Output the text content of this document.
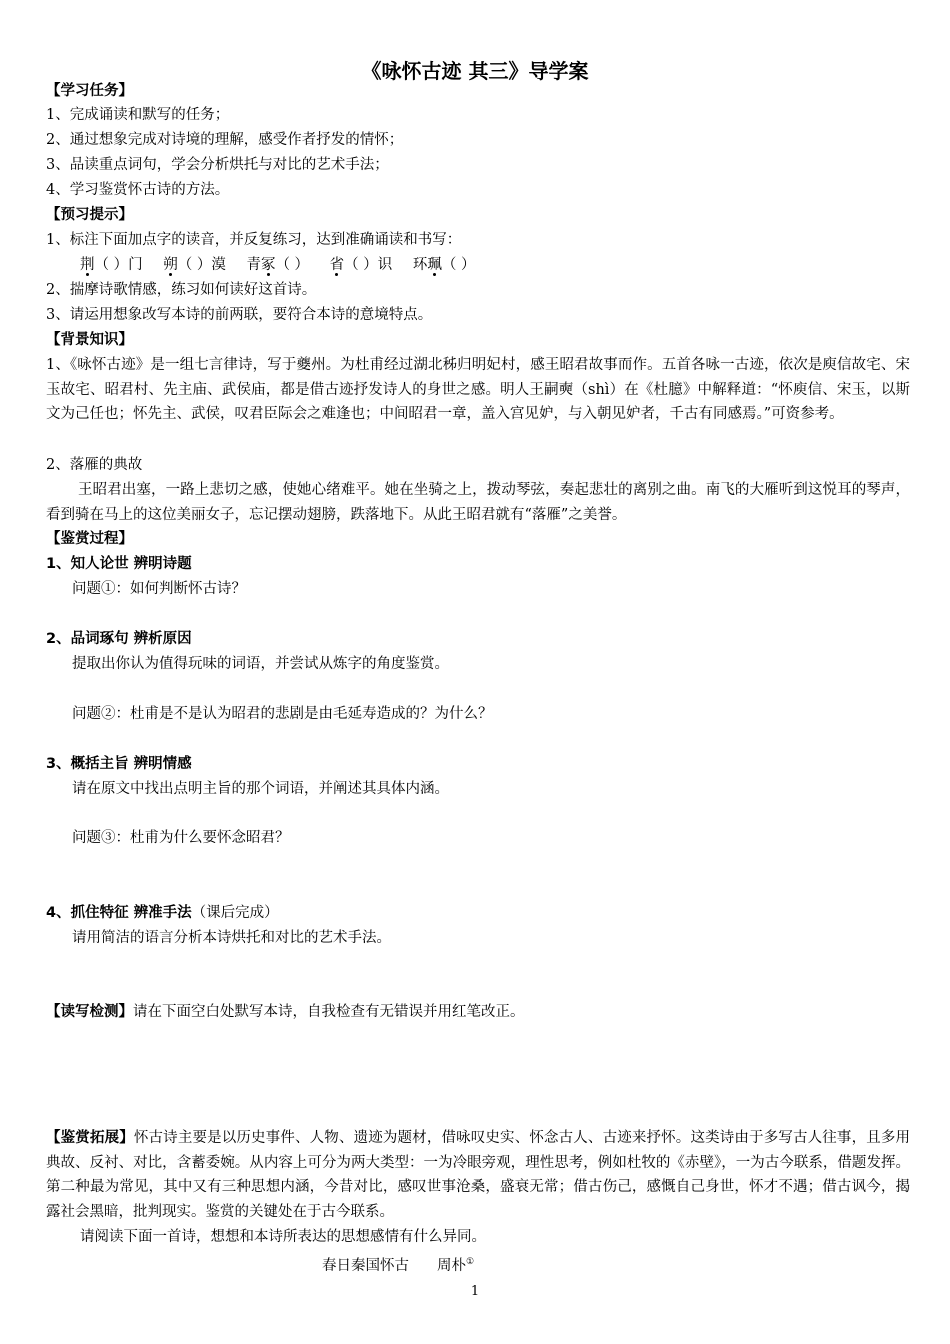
《咏怀古迹 其三》导学案
【学习任务】
1、完成诵读和默写的任务；
2、通过想象完成对诗境的理解，感受作者抒发的情怀；
3、品读重点词句，学会分析烘托与对比的艺术手法；
4、学习鉴赏怀古诗的方法。
【预习提示】
1、标注下面加点字的读音，并反复练习，达到准确诵读和书写：
荆（ ）门 朔（ ）漠 青冢（ ） 省（ ）识 环珮（ ）
2、揣摩诗歌情感，练习如何读好这首诗。
3、请运用想象改写本诗的前两联，要符合本诗的意境特点。
【背景知识】
1、《咏怀古迹》是一组七言律诗，写于夔州。为杜甫经过湖北秭归明妃村，感王昭君故事而作。五首各咏一古迹，依次是庾信故宅、宋玉故宅、昭君村、先主庙、武侯庙，都是借古迹抒发诗人的身世之感。明人王嗣奭（shì）在《杜臆》中解释道：“怀庾信、宋玉，以斯文为己任也；怀先主、武侯，叹君臣际会之难逢也；中间昭君一章，盖入宫见妒，与入朝见妒者，千古有同感焉。”可资参考。
2、落雁的典故
王昭君出塞，一路上悲切之感，使她心绪难平。她在坐骑之上，拨动琴弦，奏起悲壮的离别之曲。南飞的大雁听到这悦耳的琴声，看到骑在马上的这位美丽女子，忘记摆动翅膀，跌落地下。从此王昭君就有“落雁”之美誉。
【鉴赏过程】
1、知人论世 辨明诗题
问题①：如何判断怀古诗？
2、品词琢句 辨析原因
提取出你认为值得玩味的词语，并尝试从炼字的角度鉴赏。
问题②：杜甫是不是认为昭君的悲剧是由毛延寿造成的？为什么？
3、概括主旨 辨明情感
请在原文中找出点明主旨的那个词语，并阐述其具体内涵。
问题③：杜甫为什么要怀念昭君？
4、抓住特征 辨准手法（课后完成）
请用简洁的语言分析本诗烘托和对比的艺术手法。
【读写检测】请在下面空白处默写本诗，自我检查有无错误并用红笔改正。
【鉴赏拓展】怀古诗主要是以历史事件、人物、遗迹为题材，借咏叹史实、怀念古人、古迹来抒怀。这类诗由于多写古人往事，且多用典故、反衬、对比，含蓄委婉。从内容上可分为两大类型：一为冷眼旁观，理性思考，例如杜牧的《赤壁》，一为古今联系，借题发挥。第二种最为常见，其中又有三种思想内涵，今昔对比，感叹世事沧桑，盛衰无常；借古伤己，感慨自己身世，怀才不遇；借古讽今，揭露社会黑暗，批判现实。鉴赏的关键处在于古今联系。
请阅读下面一首诗，想想和本诗所表达的思想感情有什么异同。
春日秦国怀古 周朴①
1
